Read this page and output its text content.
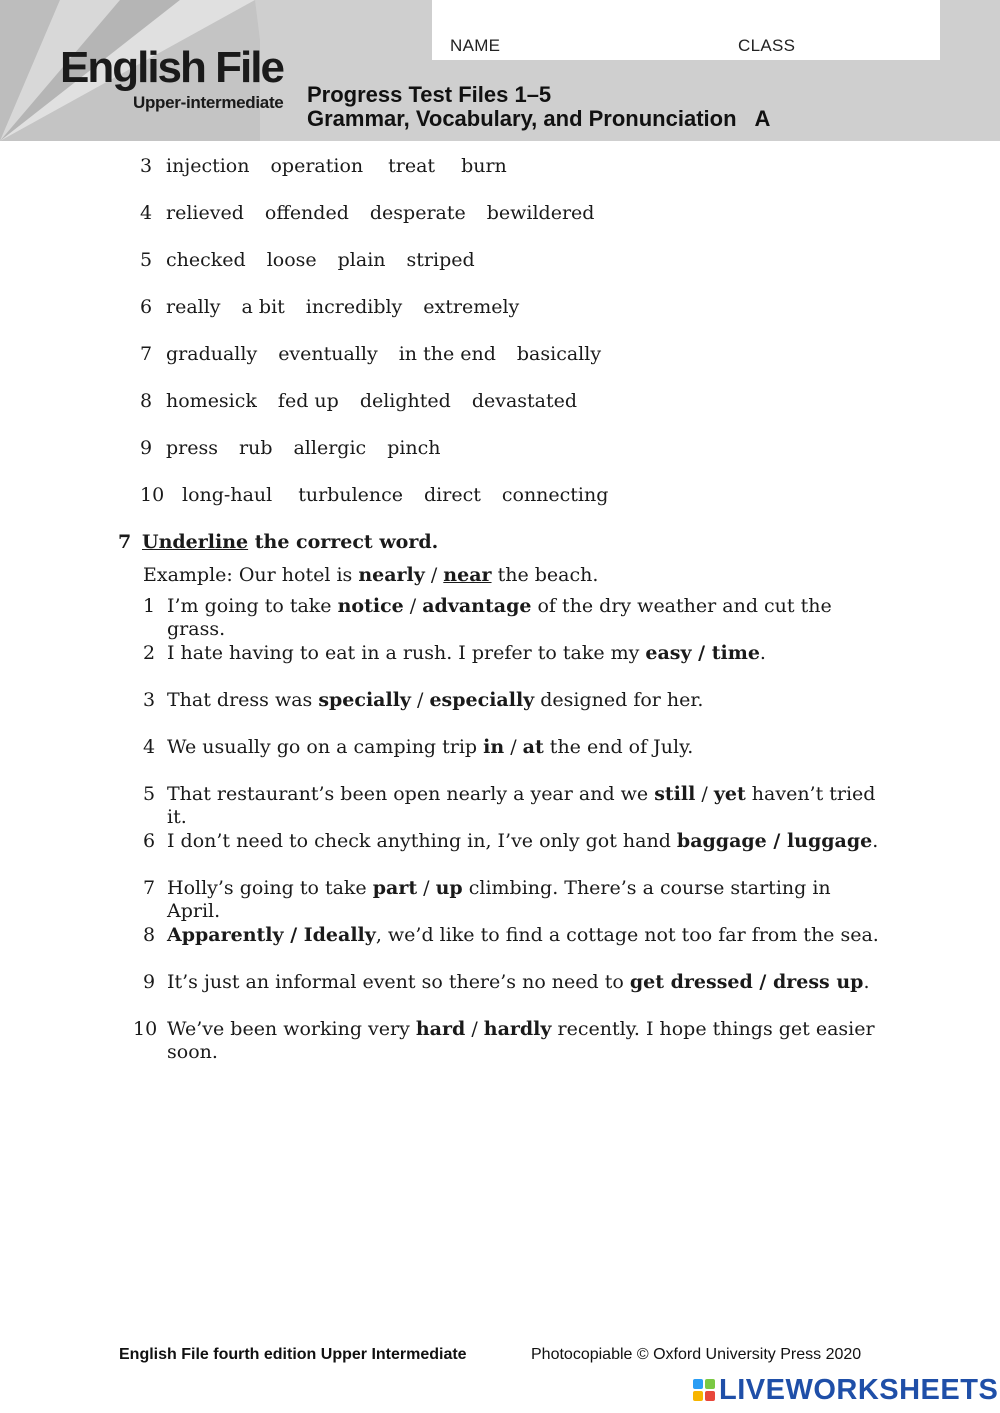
NAME	CLASS
English File
Upper-intermediate Progress Test Files 1–5
Grammar, Vocabulary, and Pronunciation A
3 injection operation treat burn
4 relieved offended desperate bewildered
5 checked loose plain striped
6 really a bit incredibly extremely
7 gradually eventually in the end basically
8 homesick fed up delighted devastated
9 press rub allergic pinch
10 long-haul turbulence direct connecting
7 Underline the correct word.
Example: Our hotel is nearly / near the beach.
1 I’m going to take notice / advantage of the dry weather and cut the grass.
2 I hate having to eat in a rush. I prefer to take my easy / time.
3 That dress was specially / especially designed for her.
4 We usually go on a camping trip in / at the end of July.
5 That restaurant’s been open nearly a year and we still / yet haven’t tried it.
6 I don’t need to check anything in, I’ve only got hand baggage / luggage.
7 Holly’s going to take part / up climbing. There’s a course starting in April.
8 Apparently / Ideally, we’d like to find a cottage not too far from the sea.
9 It’s just an informal event so there’s no need to get dressed / dress up.
10 We’ve been working very hard / hardly recently. I hope things get easier soon.
English File fourth edition Upper Intermediate	Photocopiable © Oxford University Press 2020
LIVEWORKSHEETS
